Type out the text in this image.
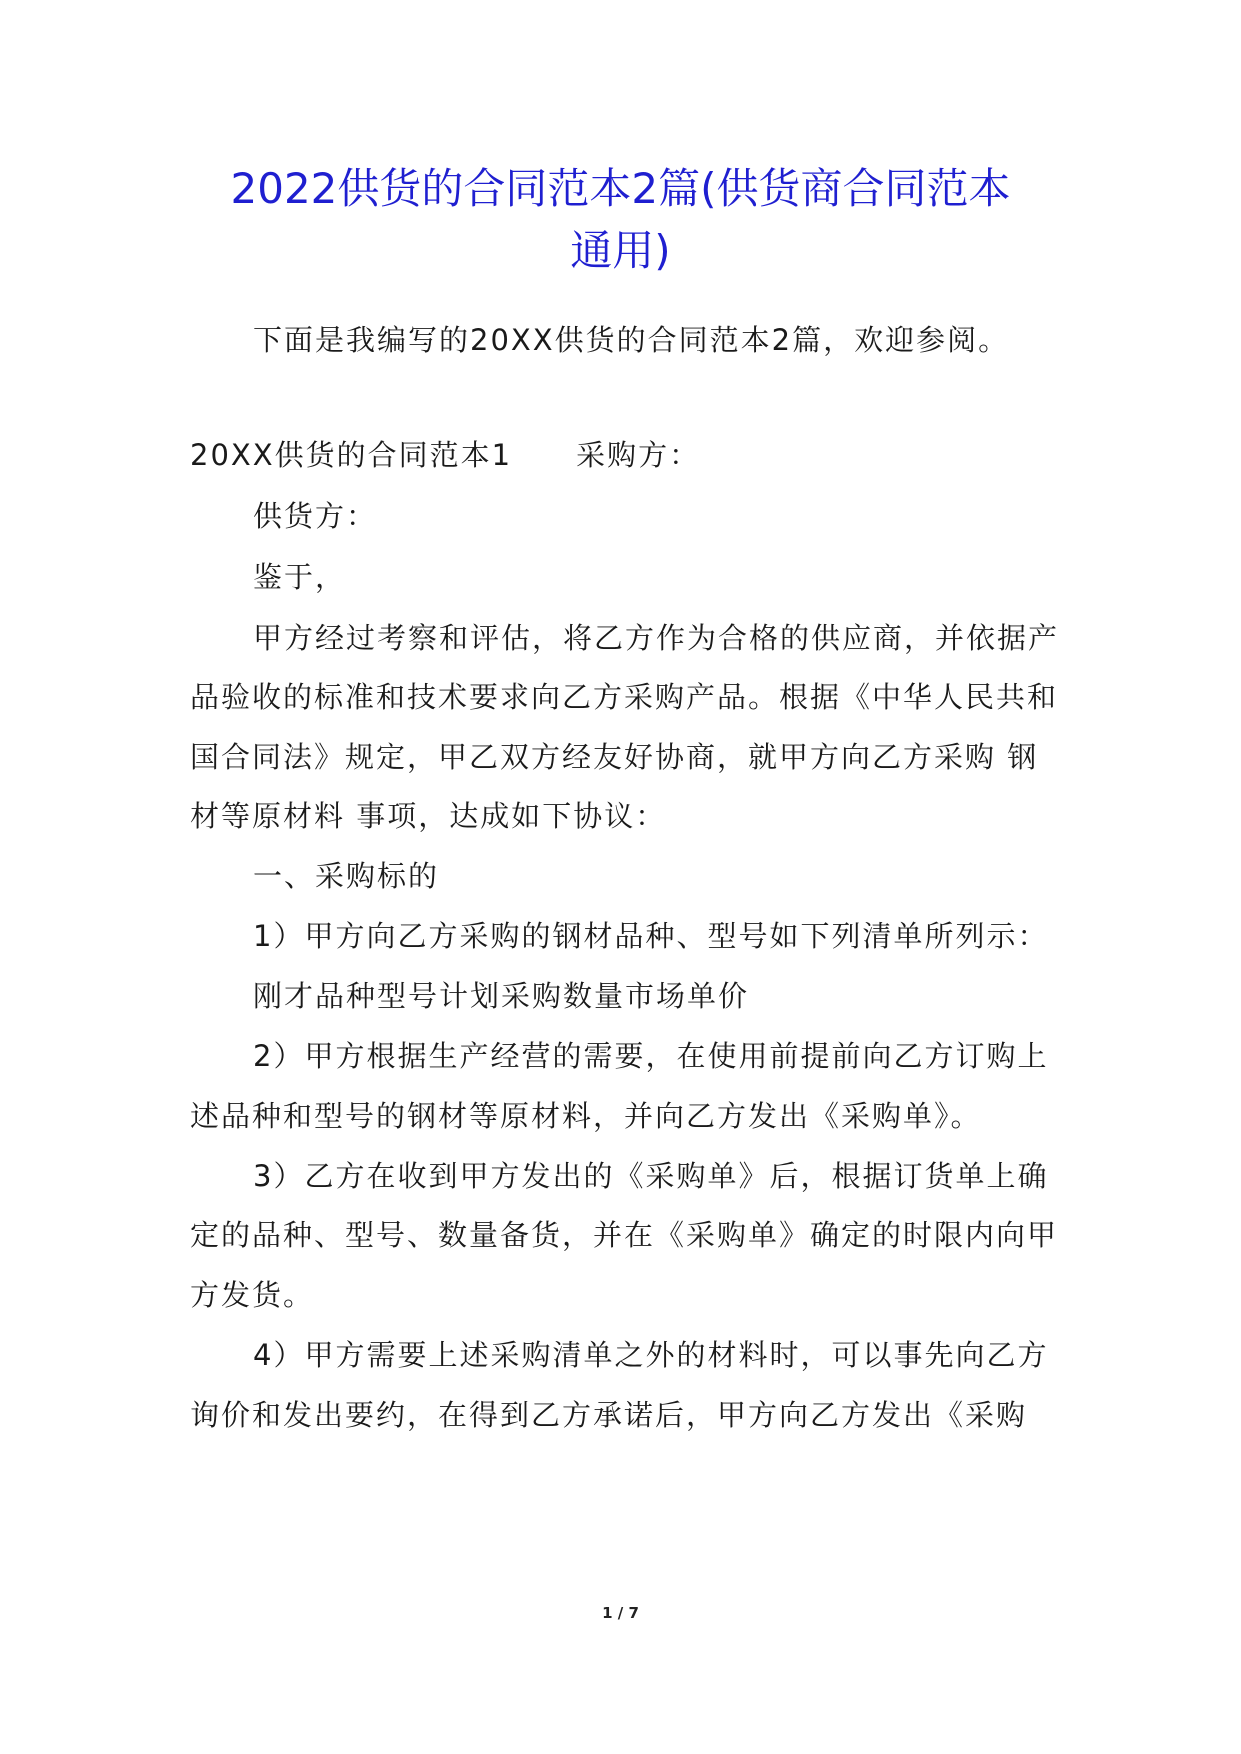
2022供货的合同范本2篇(供货商合同范本
通用)

下面是我编写的20XX供货的合同范本2篇，欢迎参阅。

20XX供货的合同范本1 采购方：

供货方：

鉴于，

甲方经过考察和评估，将乙方作为合格的供应商，并依据产

品验收的标准和技术要求向乙方采购产品。根据《中华人民共和

国合同法》规定，甲乙双方经友好协商，就甲方向乙方采购 钢

材等原材料 事项，达成如下协议：

一、采购标的

1）甲方向乙方采购的钢材品种、型号如下列清单所列示：

刚才品种型号计划采购数量市场单价

2）甲方根据生产经营的需要，在使用前提前向乙方订购上

述品种和型号的钢材等原材料，并向乙方发出《采购单》。

3）乙方在收到甲方发出的《采购单》后，根据订货单上确

定的品种、型号、数量备货，并在《采购单》确定的时限内向甲

方发货。

4）甲方需要上述采购清单之外的材料时，可以事先向乙方

询价和发出要约，在得到乙方承诺后，甲方向乙方发出《采购

1 / 7
